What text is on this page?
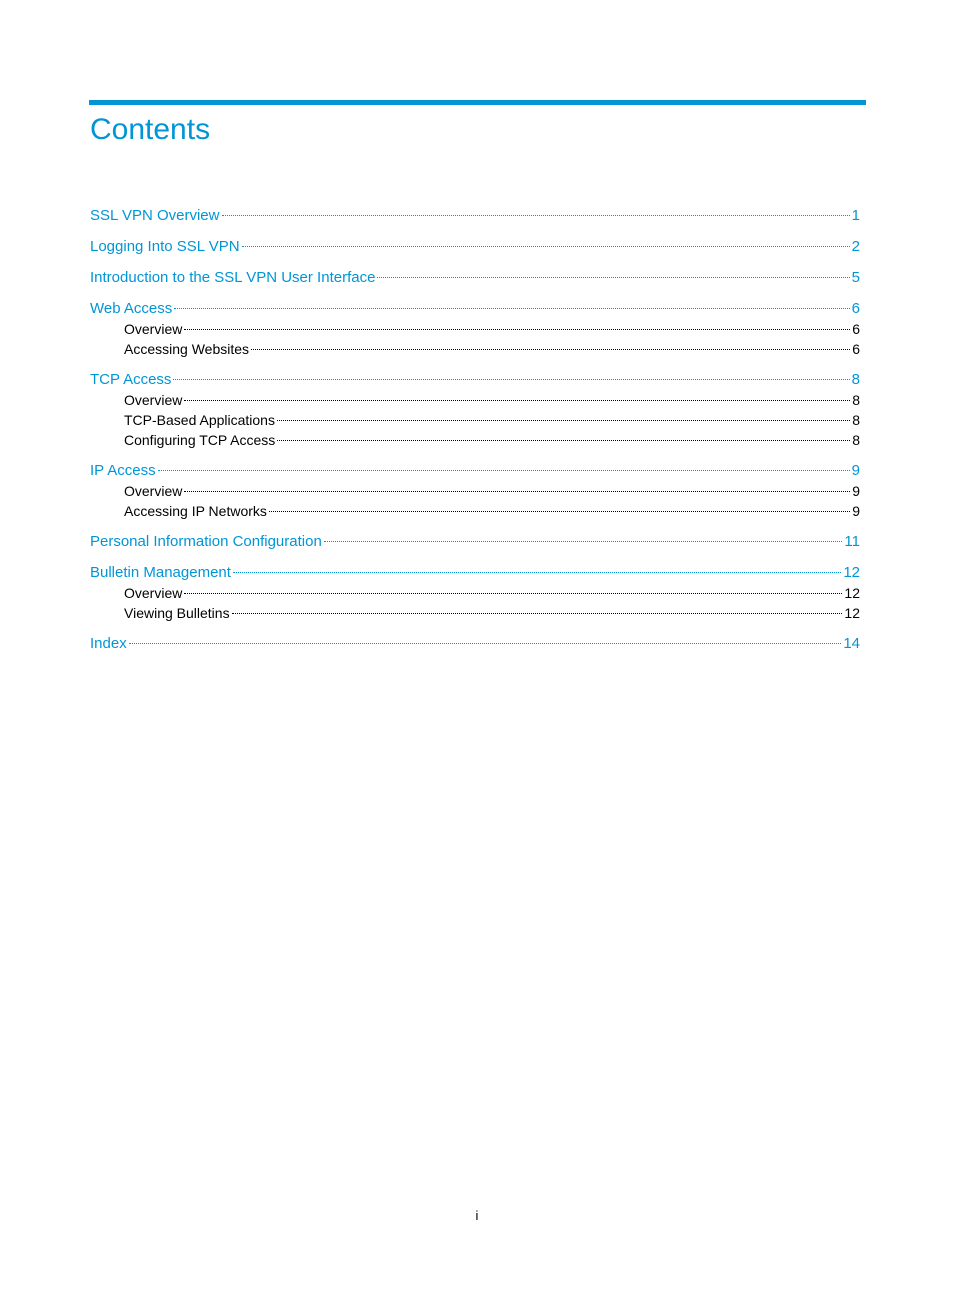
Contents
SSL VPN Overview	1
Logging Into SSL VPN	2
Introduction to the SSL VPN User Interface	5
Web Access	6
Overview	6
Accessing Websites	6
TCP Access	8
Overview	8
TCP-Based Applications	8
Configuring TCP Access	8
IP Access	9
Overview	9
Accessing IP Networks	9
Personal Information Configuration	11
Bulletin Management	12
Overview	12
Viewing Bulletins	12
Index	14
i
